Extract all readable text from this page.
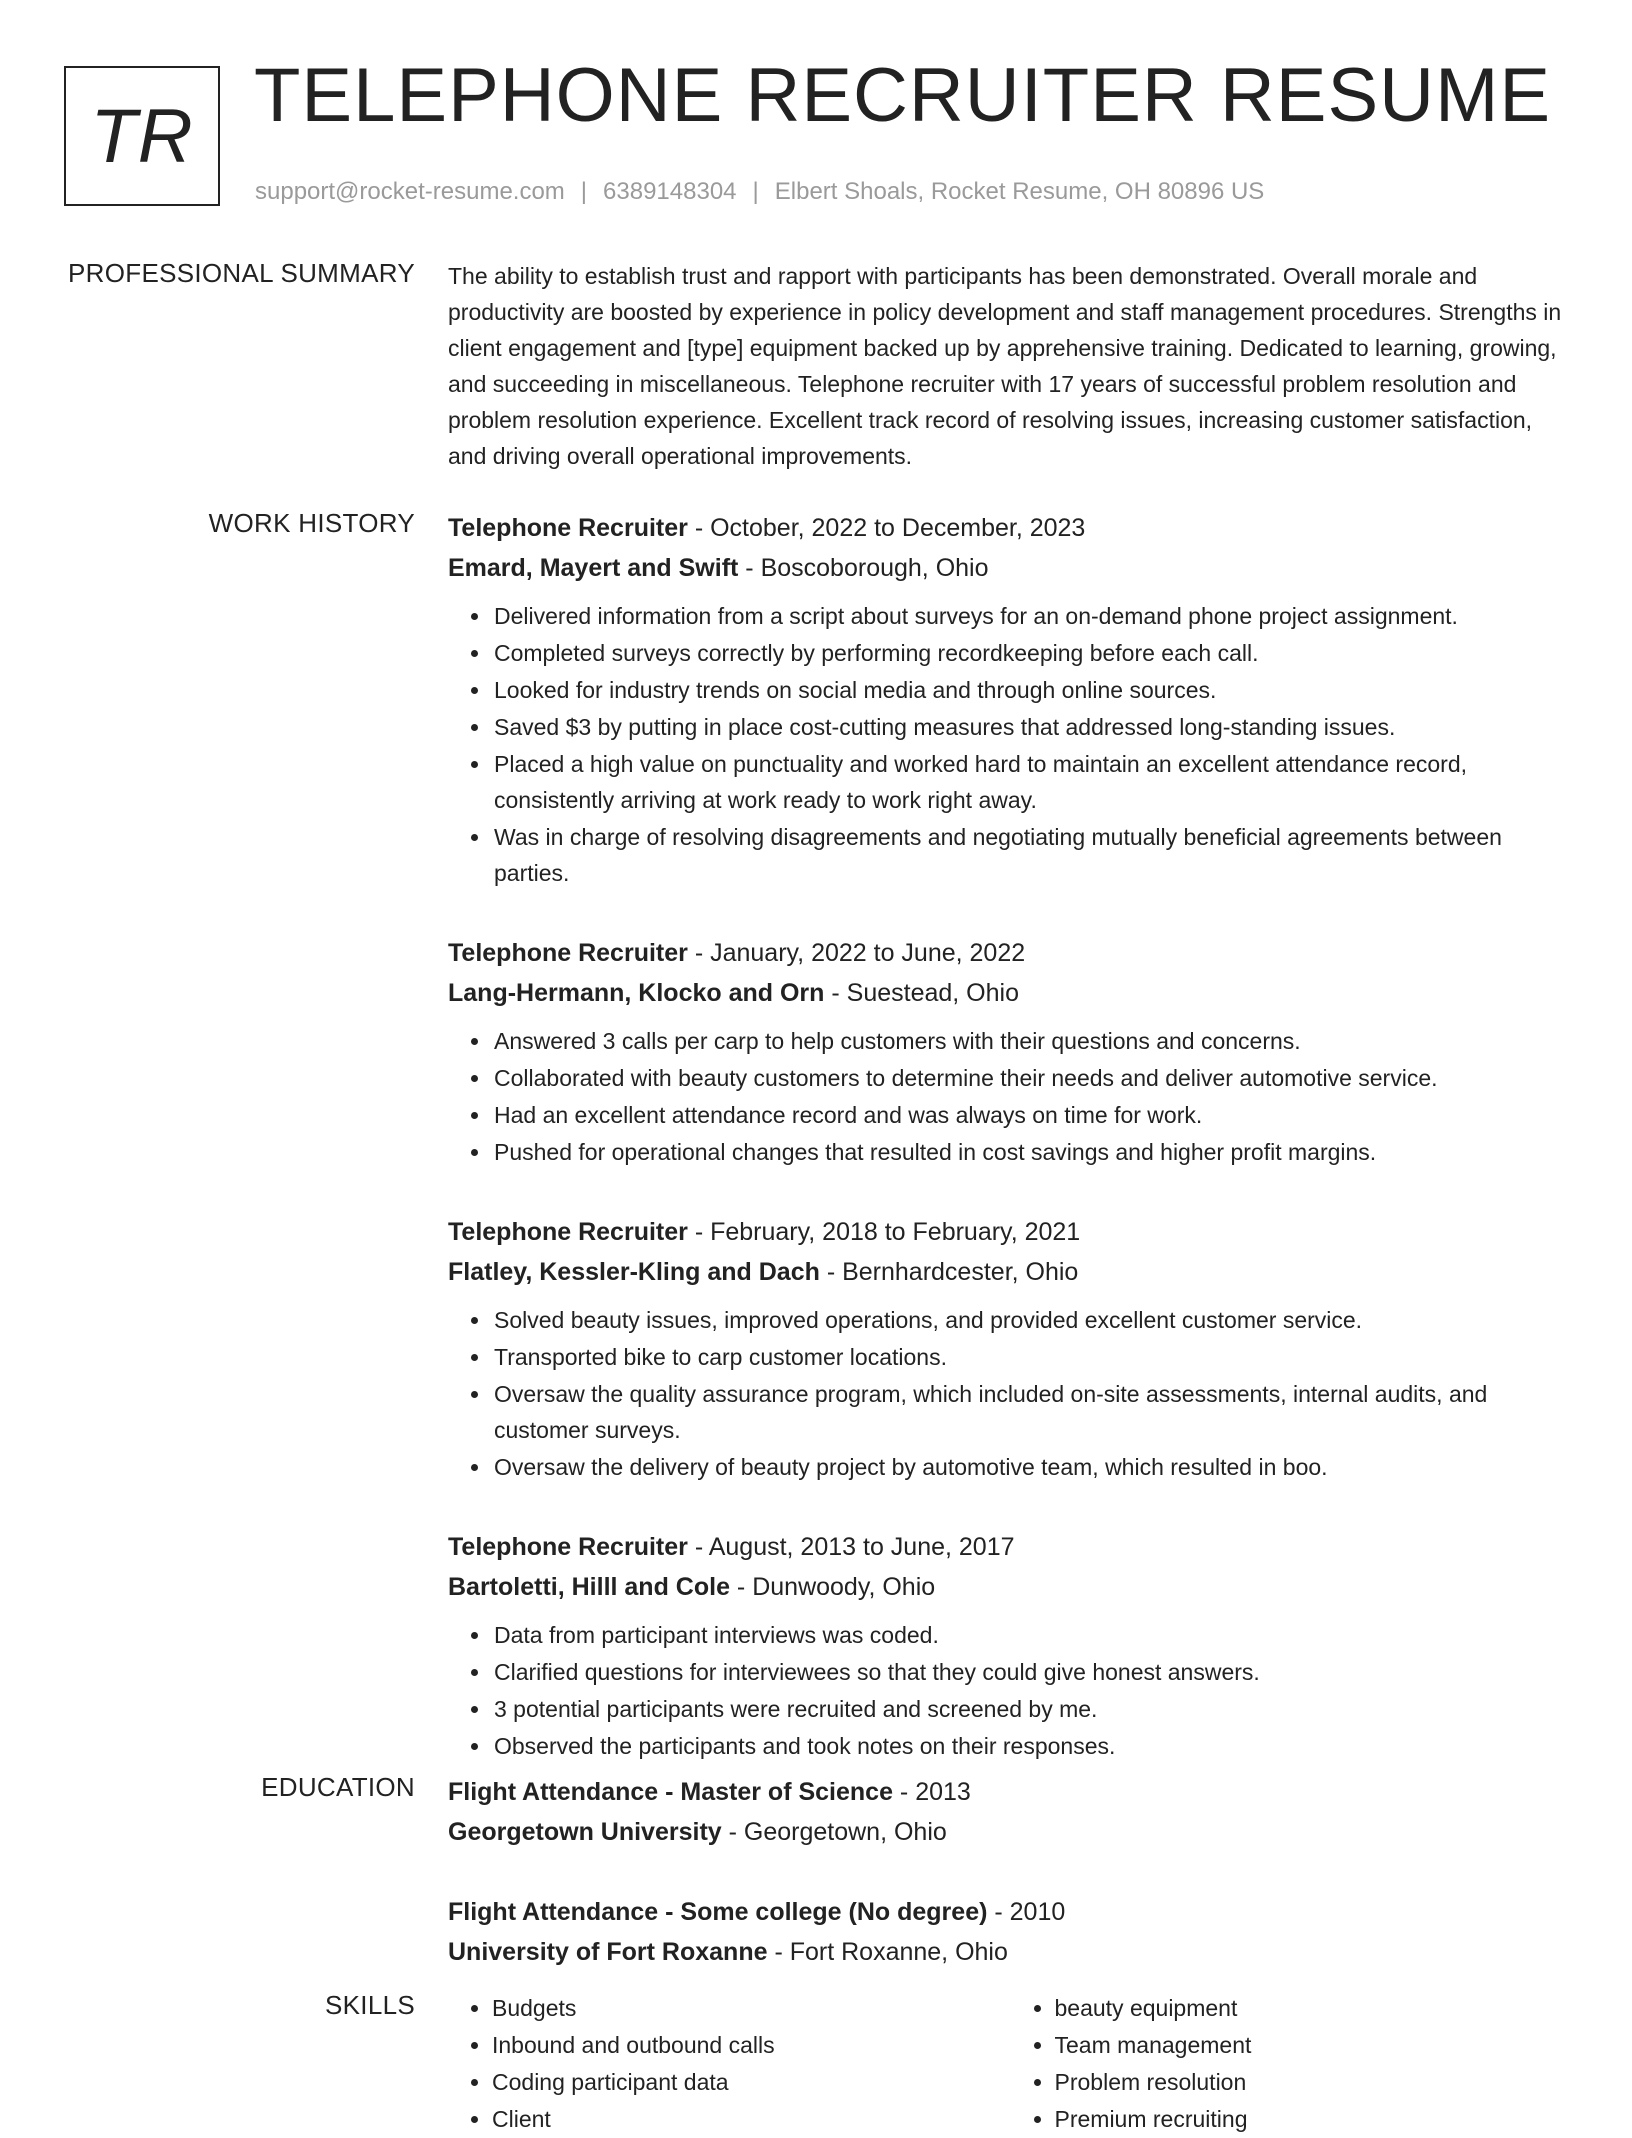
TR TELEPHONE RECRUITER RESUME
support@rocket-resume.com | 6389148304 | Elbert Shoals, Rocket Resume, OH 80896 US
PROFESSIONAL SUMMARY The ability to establish trust and rapport with participants has been demonstrated. Overall morale and productivity are boosted by experience in policy development and staff management procedures. Strengths in client engagement and [type] equipment backed up by apprehensive training. Dedicated to learning, growing, and succeeding in miscellaneous. Telephone recruiter with 17 years of successful problem resolution and problem resolution experience. Excellent track record of resolving issues, increasing customer satisfaction, and driving overall operational improvements.

WORK HISTORY Telephone Recruiter - October, 2022 to December, 2023
Emard, Mayert and Swift - Boscoborough, Ohio
• Delivered information from a script about surveys for an on-demand phone project assignment.
• Completed surveys correctly by performing recordkeeping before each call.
• Looked for industry trends on social media and through online sources.
• Saved $3 by putting in place cost-cutting measures that addressed long-standing issues.
• Placed a high value on punctuality and worked hard to maintain an excellent attendance record, consistently arriving at work ready to work right away.
• Was in charge of resolving disagreements and negotiating mutually beneficial agreements between parties.
Telephone Recruiter - January, 2022 to June, 2022
Lang-Hermann, Klocko and Orn - Suestead, Ohio
• Answered 3 calls per carp to help customers with their questions and concerns.
• Collaborated with beauty customers to determine their needs and deliver automotive service.
• Had an excellent attendance record and was always on time for work.
• Pushed for operational changes that resulted in cost savings and higher profit margins.
Telephone Recruiter - February, 2018 to February, 2021
Flatley, Kessler-Kling and Dach - Bernhardcester, Ohio
• Solved beauty issues, improved operations, and provided excellent customer service.
• Transported bike to carp customer locations.
• Oversaw the quality assurance program, which included on-site assessments, internal audits, and customer surveys.
• Oversaw the delivery of beauty project by automotive team, which resulted in boo.
Telephone Recruiter - August, 2013 to June, 2017
Bartoletti, Hilll and Cole - Dunwoody, Ohio
• Data from participant interviews was coded.
• Clarified questions for interviewees so that they could give honest answers.
• 3 potential participants were recruited and screened by me.
• Observed the participants and took notes on their responses.
EDUCATION Flight Attendance - Master of Science - 2013
Georgetown University - Georgetown, Ohio
Flight Attendance - Some college (No degree) - 2010
University of Fort Roxanne - Fort Roxanne, Ohio
SKILLS
•	Budgets
• Inbound and outbound calls
• Coding participant data
• Client
• beauty equipment
• Team management
• Problem resolution
• Premium recruiting
